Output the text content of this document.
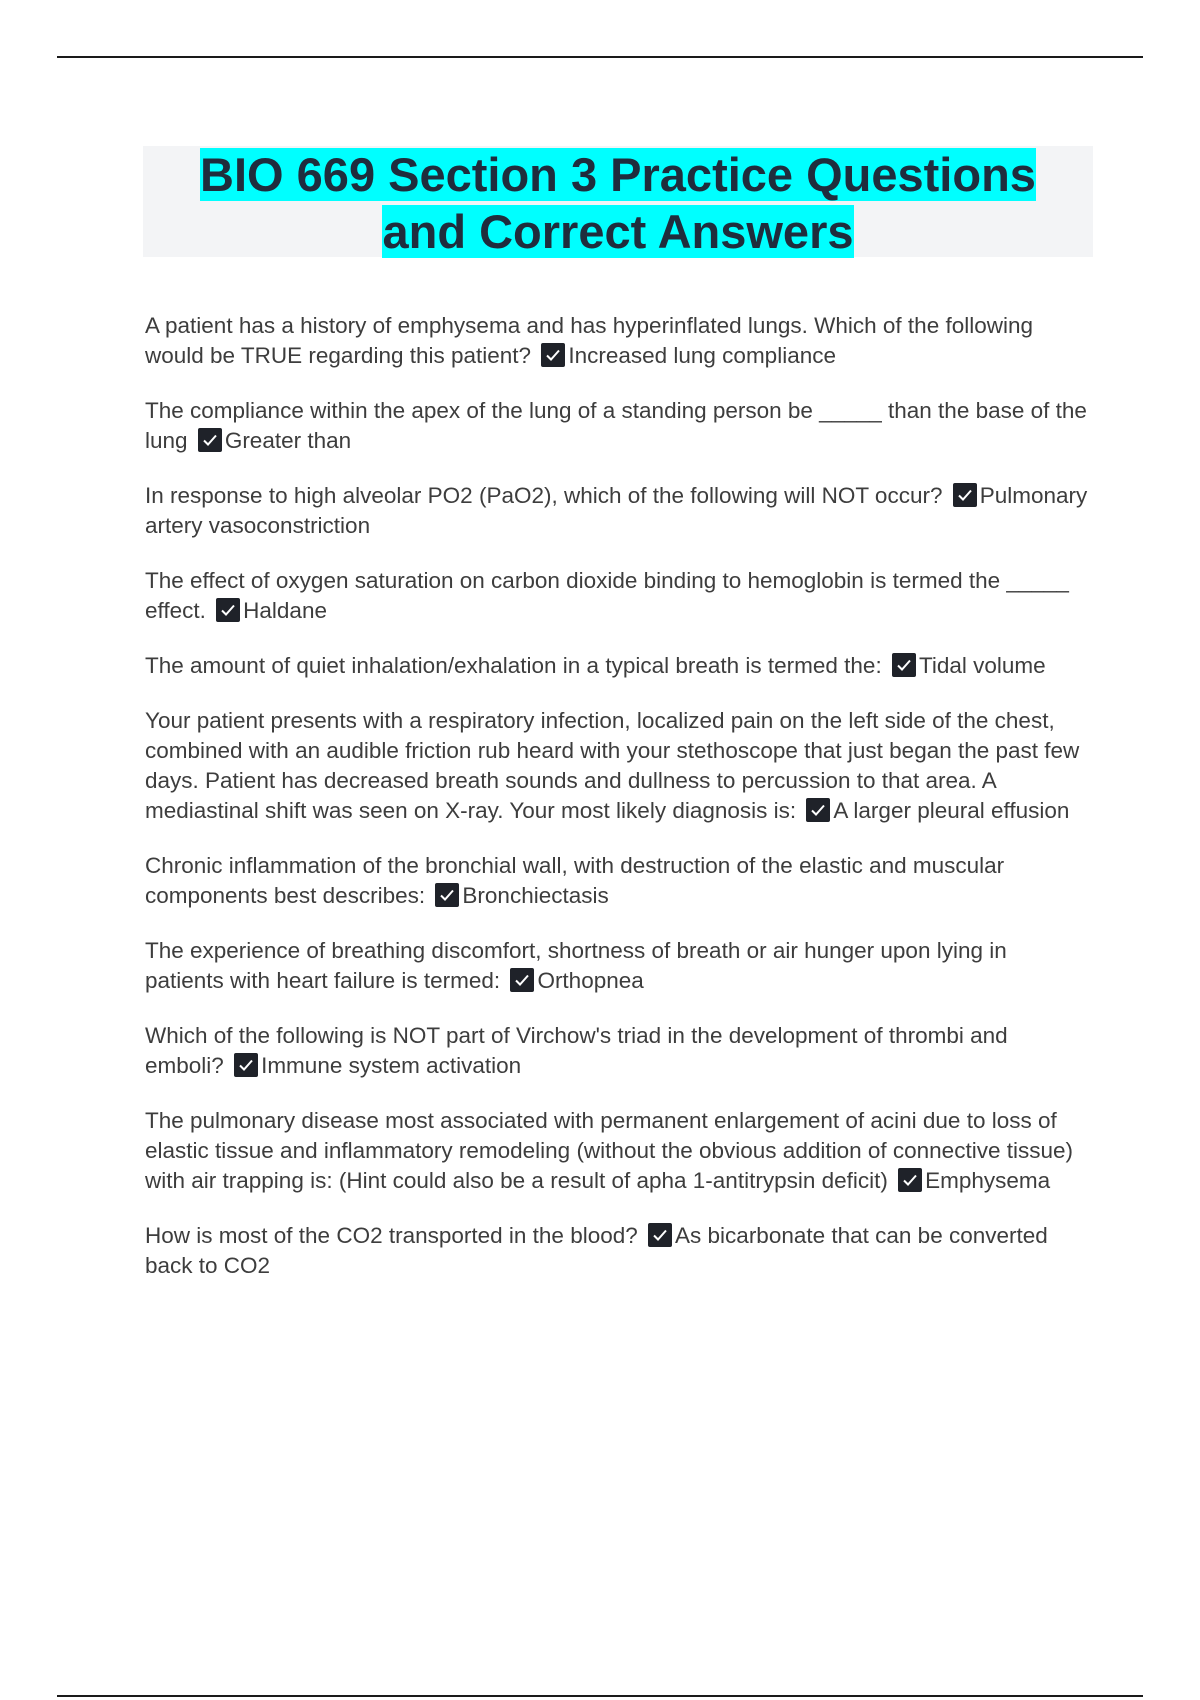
BIO 669 Section 3 Practice Questions
and Correct Answers

A patient has a history of emphysema and has hyperinflated lungs. Which of the following would be TRUE regarding this patient? Increased lung compliance

The compliance within the apex of the lung of a standing person be _____ than the base of the lung Greater than

In response to high alveolar PO2 (PaO2), which of the following will NOT occur? Pulmonary artery vasoconstriction

The effect of oxygen saturation on carbon dioxide binding to hemoglobin is termed the _____ effect. Haldane

The amount of quiet inhalation/exhalation in a typical breath is termed the: Tidal volume

Your patient presents with a respiratory infection, localized pain on the left side of the chest, combined with an audible friction rub heard with your stethoscope that just began the past few days. Patient has decreased breath sounds and dullness to percussion to that area. A mediastinal shift was seen on X-ray. Your most likely diagnosis is: A larger pleural effusion

Chronic inflammation of the bronchial wall, with destruction of the elastic and muscular components best describes: Bronchiectasis

The experience of breathing discomfort, shortness of breath or air hunger upon lying in patients with heart failure is termed: Orthopnea

Which of the following is NOT part of Virchow's triad in the development of thrombi and emboli? Immune system activation

The pulmonary disease most associated with permanent enlargement of acini due to loss of elastic tissue and inflammatory remodeling (without the obvious addition of connective tissue) with air trapping is: (Hint could also be a result of apha 1-antitrypsin deficit) Emphysema

How is most of the CO2 transported in the blood? As bicarbonate that can be converted back to CO2
